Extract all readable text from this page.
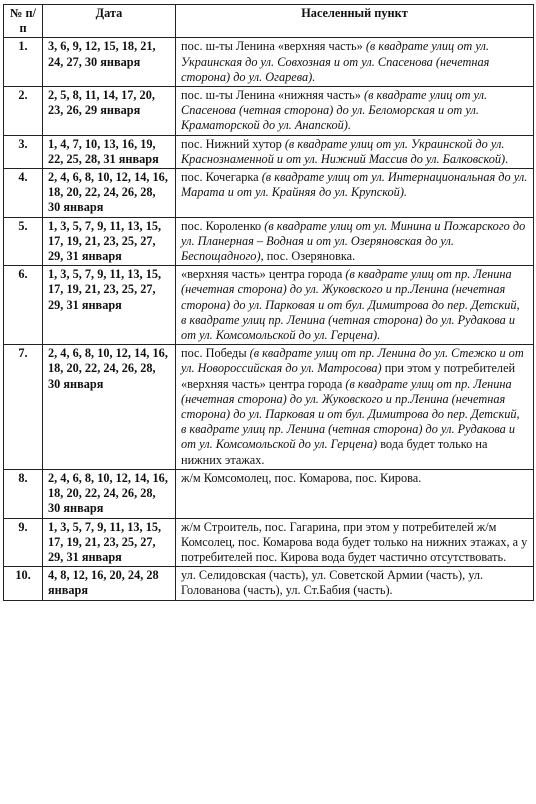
№ п/п	Дата	Населенный пункт
1.	3, 6, 9, 12, 15, 18, 21, 24, 27, 30 января	пос. ш-ты Ленина «верхняя часть» (в квадрате улиц от ул. Украинская до ул. Совхозная и от ул. Спасенова (нечетная сторона) до ул. Огарева).
2.	2, 5, 8, 11, 14, 17, 20, 23, 26, 29 января	пос. ш-ты Ленина «нижняя часть» (в квадрате улиц от ул. Спасенова (четная сторона) до ул. Беломорская и от ул. Краматорской до ул. Анапской).
3.	1, 4, 7, 10, 13, 16, 19, 22, 25, 28, 31 января	пос. Нижний хутор (в квадрате улиц от ул. Украинской до ул. Краснознаменной и от ул. Нижний Массив до ул. Балковской).
4.	2, 4, 6, 8, 10, 12, 14, 16, 18, 20, 22, 24, 26, 28, 30 января	пос. Кочегарка (в квадрате улиц от ул. Интернациональная до ул. Марата и от ул. Крайняя до ул. Крупской).
5.	1, 3, 5, 7, 9, 11, 13, 15, 17, 19, 21, 23, 25, 27, 29, 31 января	пос. Короленко (в квадрате улиц от ул. Минина и Пожарского до ул. Планерная – Водная и от ул. Озеряновская до ул. Беспощадного), пос. Озеряновка.
6.	1, 3, 5, 7, 9, 11, 13, 15, 17, 19, 21, 23, 25, 27, 29, 31 января	«верхняя часть» центра города (в квадрате улиц от пр. Ленина (нечетная сторона) до ул. Жуковского и пр.Ленина (нечетная сторона) до ул. Парковая и от бул. Димитрова до пер. Детский, в квадрате улиц пр. Ленина (четная сторона) до ул. Рудакова и от ул. Комсомольской до ул. Герцена).
7.	2, 4, 6, 8, 10, 12, 14, 16, 18, 20, 22, 24, 26, 28, 30 января	пос. Победы (в квадрате улиц от пр. Ленина до ул. Стежко и от ул. Новороссийская до ул. Матросова) при этом у потребителей «верхняя часть» центра города (в квадрате улиц от пр. Ленина (нечетная сторона) до ул. Жуковского и пр.Ленина (нечетная сторона) до ул. Парковая и от бул. Димитрова до пер. Детский, в квадрате улиц пр. Ленина (четная сторона) до ул. Рудакова и от ул. Комсомольской до ул. Герцена) вода будет только на нижних этажах.
8.	2, 4, 6, 8, 10, 12, 14, 16, 18, 20, 22, 24, 26, 28, 30 января	ж/м Комсомолец, пос. Комарова, пос. Кирова.
9.	1, 3, 5, 7, 9, 11, 13, 15, 17, 19, 21, 23, 25, 27, 29, 31 января	ж/м Строитель, пос. Гагарина, при этом у потребителей ж/м Комсолец, пос. Комарова вода будет только на нижних этажах, а у потребителей пос. Кирова вода будет частично отсутствовать.
10.	4, 8, 12, 16, 20, 24, 28 января	ул. Селидовская (часть), ул. Советской Армии (часть), ул. Голованова (часть), ул. Ст.Бабия (часть).
